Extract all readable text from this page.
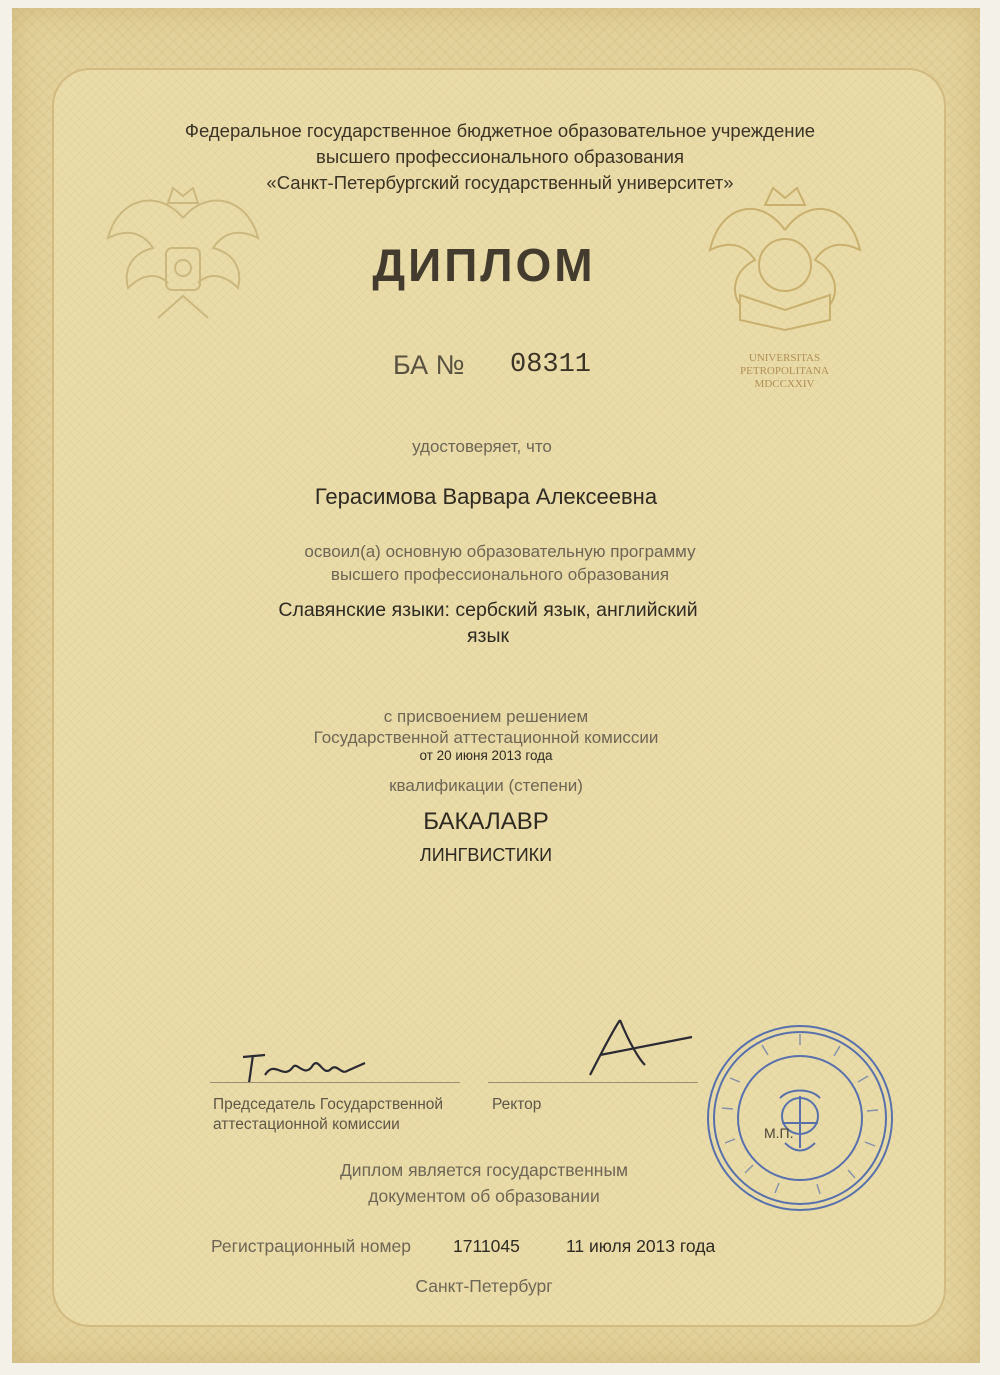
UNIVERSITAS
PETROPOLITANA
MDCCXXIV
Федеральное государственное бюджетное образовательное учреждение
высшего профессионального образования
«Санкт-Петербургский государственный университет»
ДИПЛОМ
БА № 08311
удостоверяет, что
Герасимова Варвара Алексеевна
освоил(а) основную образовательную программу
высшего профессионального образования
Славянские языки: сербский язык, английский
язык
с присвоением решением
Государственной аттестационной комиссии
от 20 июня 2013 года
квалификации (степени)
БАКАЛАВР
ЛИНГВИСТИКИ
Председатель Государственной
аттестационной комиссии
Ректор
М.П.
Диплом является государственным
документом об образовании
Регистрационный номер 1711045	11 июля 2013 года
Санкт-Петербург
